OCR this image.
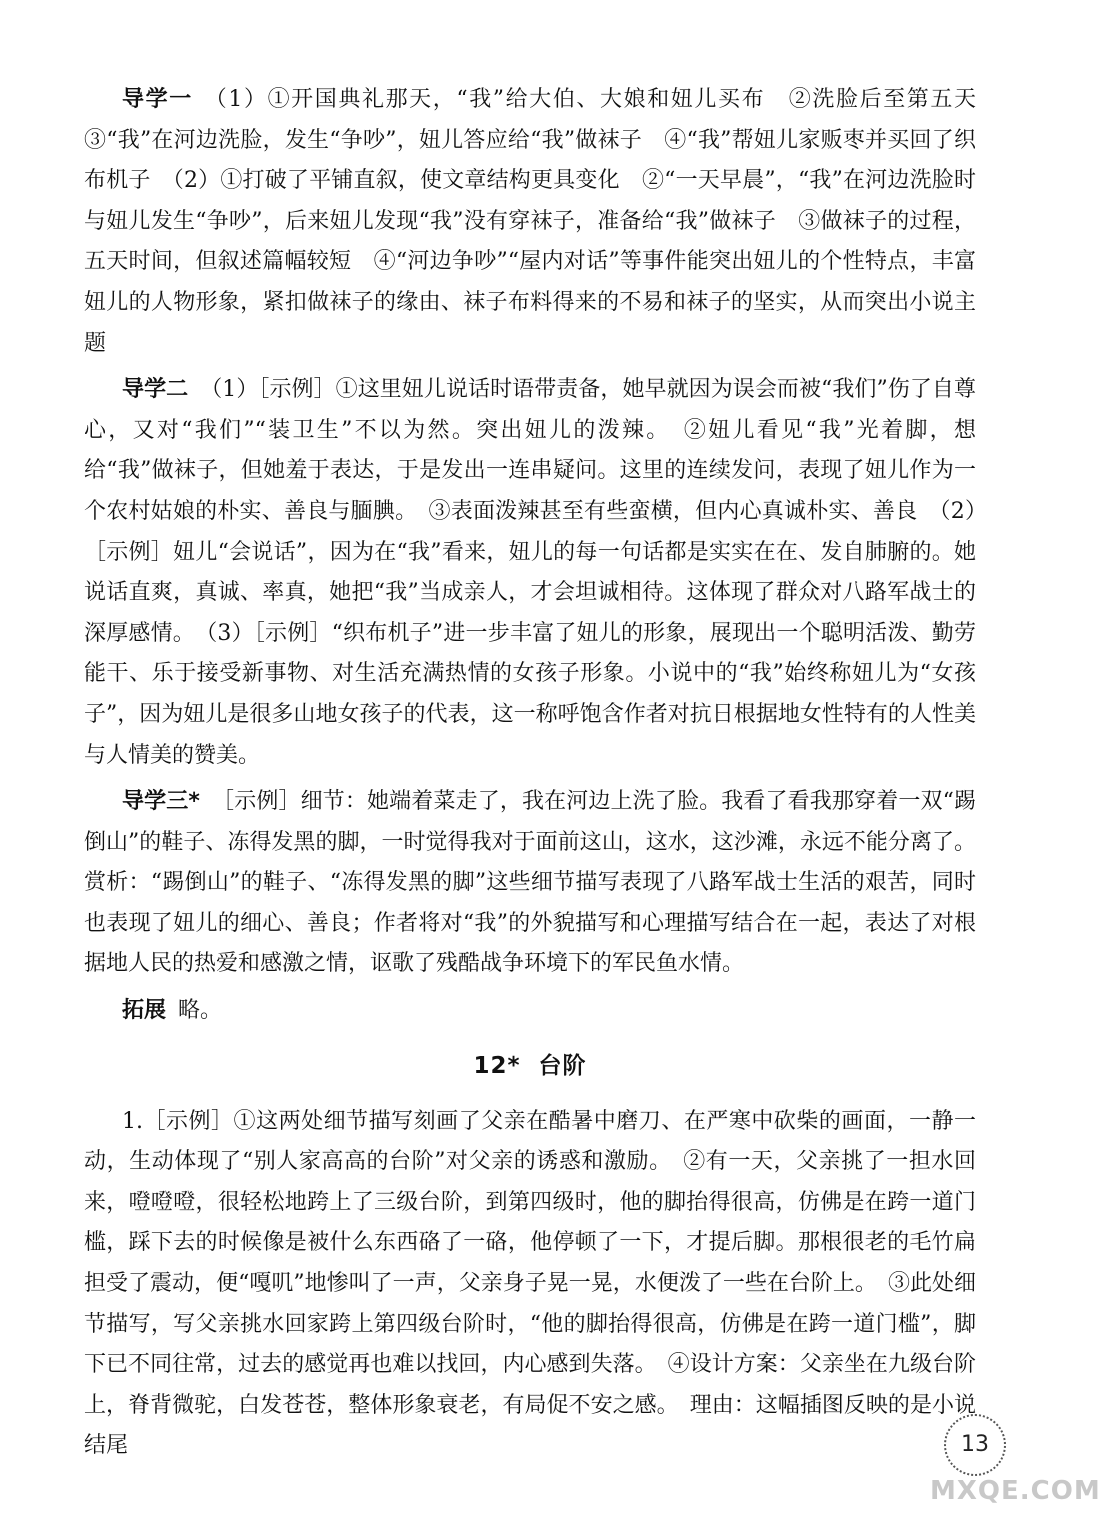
导学一 （1）①开国典礼那天，“我”给大伯、大娘和妞儿买布　②洗脸后至第五天　③“我”在河边洗脸，发生“争吵”，妞儿答应给“我”做袜子　④“我”帮妞儿家贩枣并买回了织布机子　（2）①打破了平铺直叙，使文章结构更具变化　②“一天早晨”，“我”在河边洗脸时与妞儿发生“争吵”，后来妞儿发现“我”没有穿袜子，准备给“我”做袜子　③做袜子的过程，五天时间，但叙述篇幅较短　④“河边争吵”“屋内对话”等事件能突出妞儿的个性特点，丰富妞儿的人物形象，紧扣做袜子的缘由、袜子布料得来的不易和袜子的坚实，从而突出小说主题

导学二 （1）［示例］①这里妞儿说话时语带责备，她早就因为误会而被“我们”伤了自尊心，又对“我们”“装卫生”不以为然。突出妞儿的泼辣。　②妞儿看见“我”光着脚，想给“我”做袜子，但她羞于表达，于是发出一连串疑问。这里的连续发问，表现了妞儿作为一个农村姑娘的朴实、善良与腼腆。　③表面泼辣甚至有些蛮横，但内心真诚朴实、善良　（2）［示例］妞儿“会说话”，因为在“我”看来，妞儿的每一句话都是实实在在、发自肺腑的。她说话直爽，真诚、率真，她把“我”当成亲人，才会坦诚相待。这体现了群众对八路军战士的深厚感情。　（3）［示例］“织布机子”进一步丰富了妞儿的形象，展现出一个聪明活泼、勤劳能干、乐于接受新事物、对生活充满热情的女孩子形象。小说中的“我”始终称妞儿为“女孩子”，因为妞儿是很多山地女孩子的代表，这一称呼饱含作者对抗日根据地女性特有的人性美与人情美的赞美。

导学三* ［示例］细节：她端着菜走了，我在河边上洗了脸。我看了看我那穿着一双“踢倒山”的鞋子、冻得发黑的脚，一时觉得我对于面前这山，这水，这沙滩，永远不能分离了。赏析：“踢倒山”的鞋子、“冻得发黑的脚”这些细节描写表现了八路军战士生活的艰苦，同时也表现了妞儿的细心、善良；作者将对“我”的外貌描写和心理描写结合在一起，表达了对根据地人民的热爱和感激之情，讴歌了残酷战争环境下的军民鱼水情。

拓展 略。

12* 台阶

1.［示例］①这两处细节描写刻画了父亲在酷暑中磨刀、在严寒中砍柴的画面，一静一动，生动体现了“别人家高高的台阶”对父亲的诱惑和激励。　②有一天，父亲挑了一担水回来，噔噔噔，很轻松地跨上了三级台阶，到第四级时，他的脚抬得很高，仿佛是在跨一道门槛，踩下去的时候像是被什么东西硌了一硌，他停顿了一下，才提后脚。那根很老的毛竹扁担受了震动，便“嘎叽”地惨叫了一声，父亲身子晃一晃，水便泼了一些在台阶上。　③此处细节描写，写父亲挑水回家跨上第四级台阶时，“他的脚抬得很高，仿佛是在跨一道门槛”，脚下已不同往常，过去的感觉再也难以找回，内心感到失落。　④设计方案：父亲坐在九级台阶上，脊背微驼，白发苍苍，整体形象衰老，有局促不安之感。　理由：这幅插图反映的是小说结尾	13
MXQE.COM
